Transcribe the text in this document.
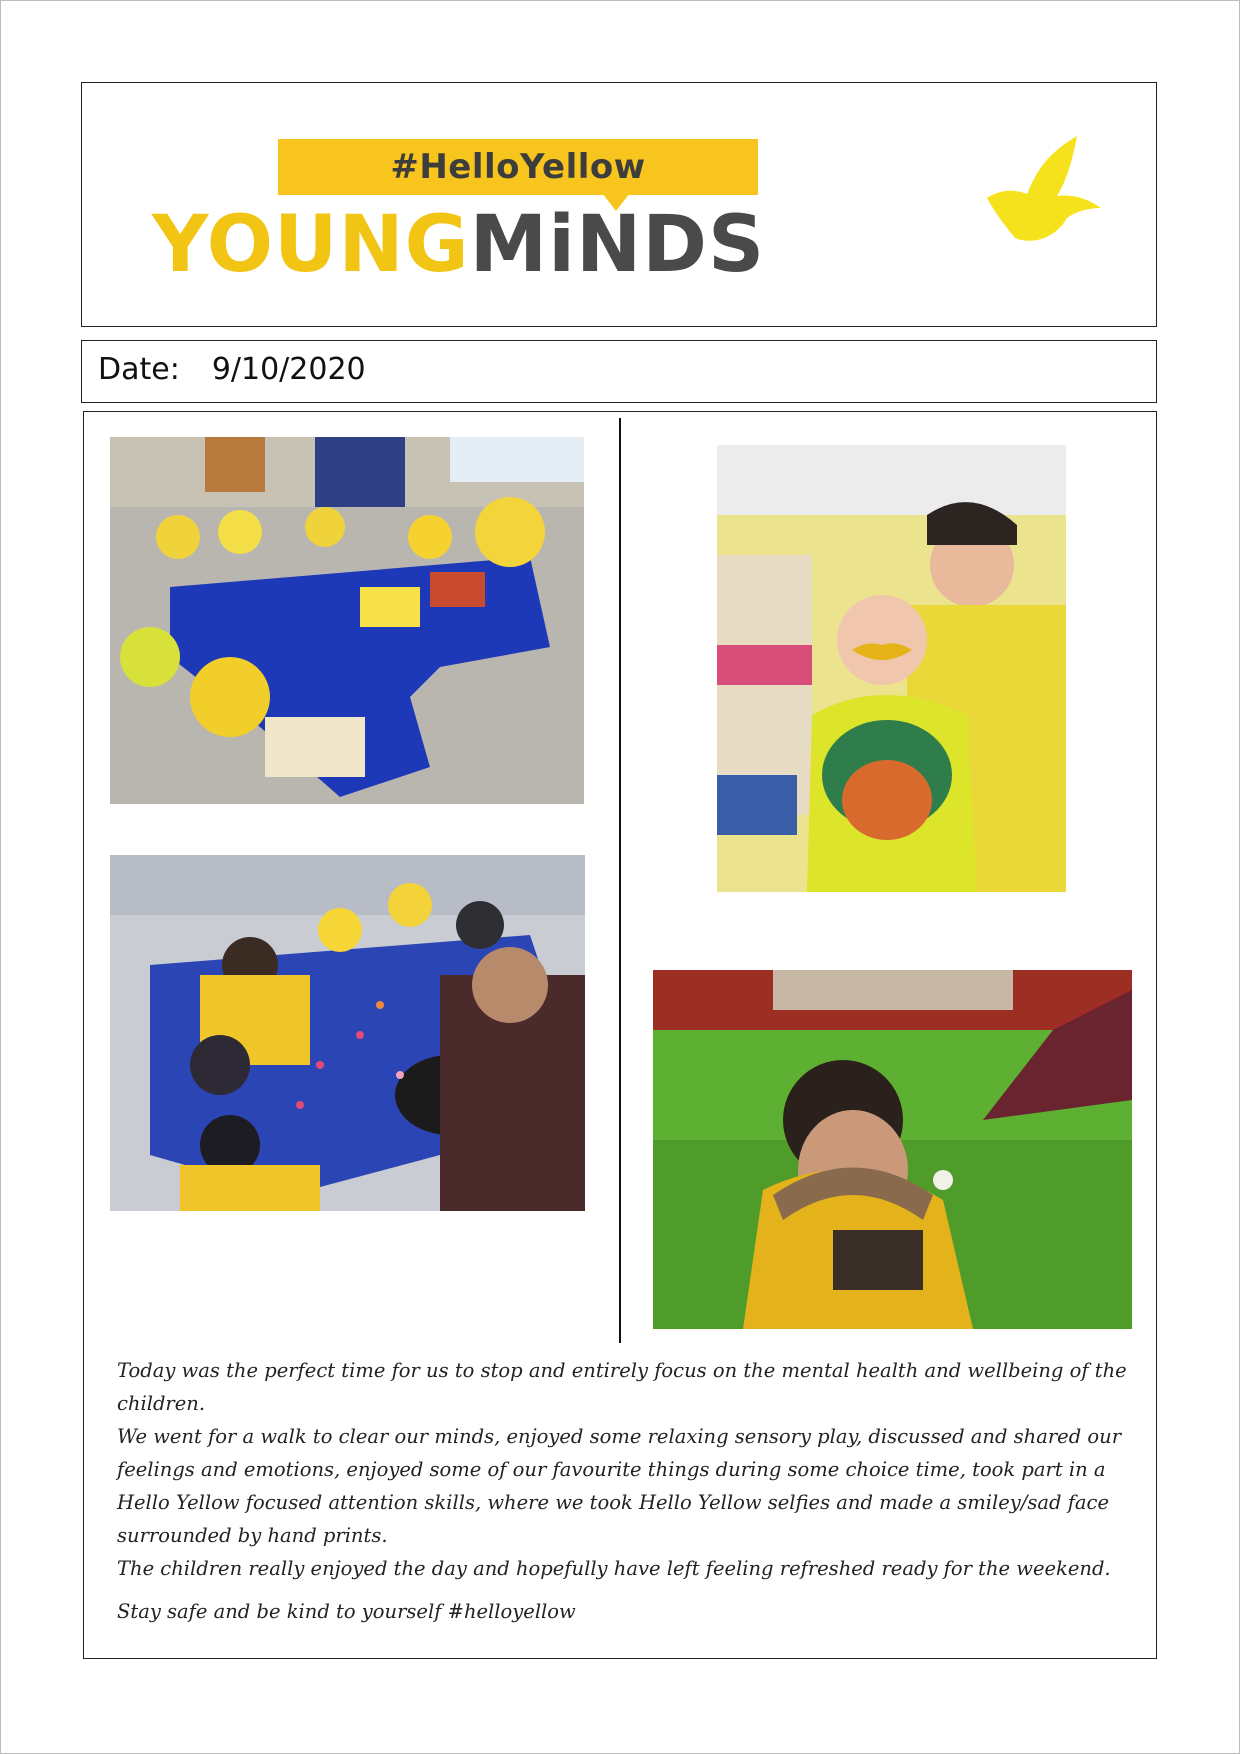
#HelloYellow
YOUNGMiNDS
Date: 9/10/2020

Today was the perfect time for us to stop and entirely focus on the mental health and wellbeing of the children.

We went for a walk to clear our minds, enjoyed some relaxing sensory play, discussed and shared our feelings and emotions, enjoyed some of our favourite things during some choice time, took part in a Hello Yellow focused attention skills, where we took Hello Yellow selfies and made a smiley/sad face surrounded by hand prints.

The children really enjoyed the day and hopefully have left feeling refreshed ready for the weekend.

Stay safe and be kind to yourself #helloyellow
